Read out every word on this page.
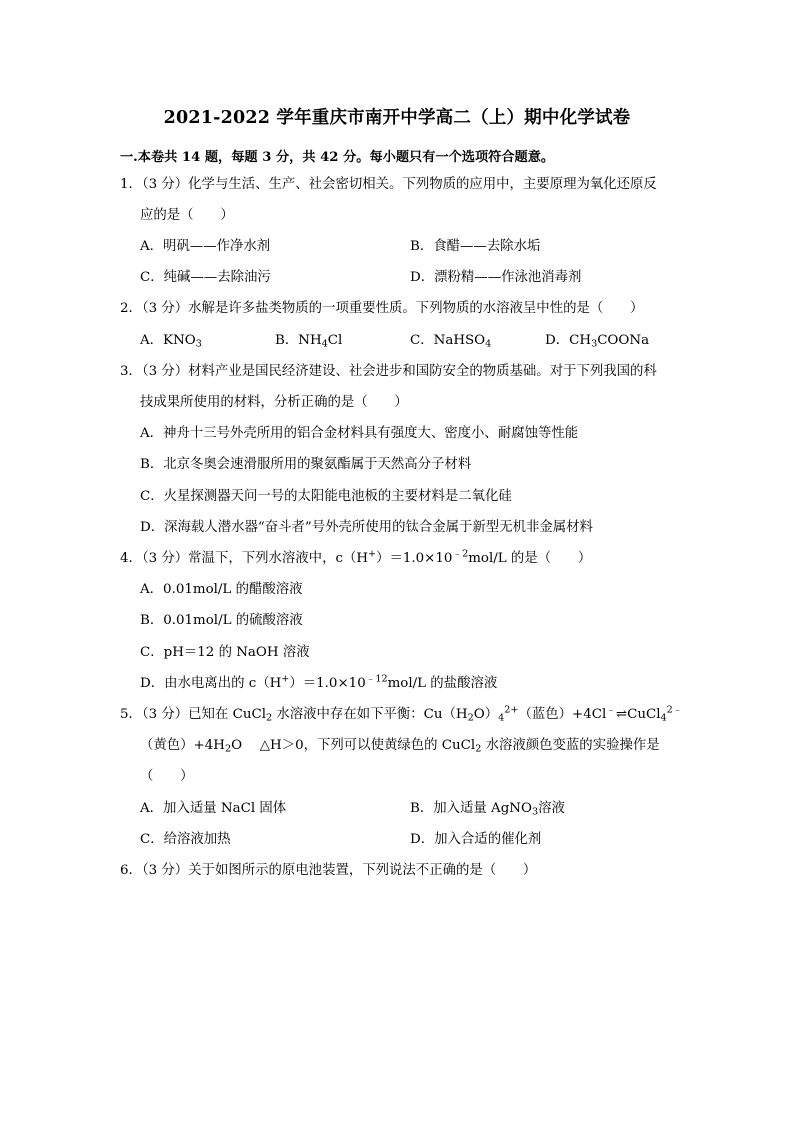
2021-2022 学年重庆市南开中学高二（上）期中化学试卷
一.本卷共 14 题，每题 3 分，共 42 分。每小题只有一个选项符合题意。
1．（3 分）化学与生活、生产、社会密切相关。下列物质的应用中，主要原理为氧化还原反
应的是（　　）
A．明矾——作净水剂	B．食醋——去除水垢
C．纯碱——去除油污	D．漂粉精——作泳池消毒剂
2．（3 分）水解是许多盐类物质的一项重要性质。下列物质的水溶液呈中性的是（　　）
A．$KNO_3$	B．$NH_4Cl$	C．NaHSO$_4$	D．$CH_3COONa$
3．（3 分）材料产业是国民经济建设、社会进步和国防安全的物质基础。对于下列我国的科
技成果所使用的材料，分析正确的是（　　）
A．神舟十三号外壳所用的铝合金材料具有强度大、密度小、耐腐蚀等性能
B．北京冬奥会速滑服所用的聚氨酯属于天然高分子材料
C．火星探测器天问一号的太阳能电池板的主要材料是二氧化硅
D．深海载人潜水器“奋斗者”号外壳所使用的钛合金属于新型无机非金属材料
4．（3 分）常温下，下列水溶液中，$c(H^+)=1.0\times 10^{﹣2}mol/L$ 的是（　　）
A．0.01mol/L 的醋酸溶液
B．0.01mol/L 的硫酸溶液
C．pH＝12 的 NaOH 溶液
D．由水电离出的 $c(H^+)=1.0\times 10^{﹣12}mol/L$ 的盐酸溶液
5．（3 分）已知在 CuCl$_2$ 水溶液中存在如下平衡：$Cu(H_2O)_4^{2+}$（蓝色）+4Cl﹣⇌CuCl$_4^{2﹣}$
（黄色）$+4H_2O$　 △H＞0，下列可以使黄绿色的 CuCl$_2$ 水溶液颜色变蓝的实验操作是
（　　）
A．加入适量 NaCl 固体	B．加入适量 AgNO$_3$溶液
C．给溶液加热	D．加入合适的催化剂
6．（3 分）关于如图所示的原电池装置，下列说法不正确的是（　　）
